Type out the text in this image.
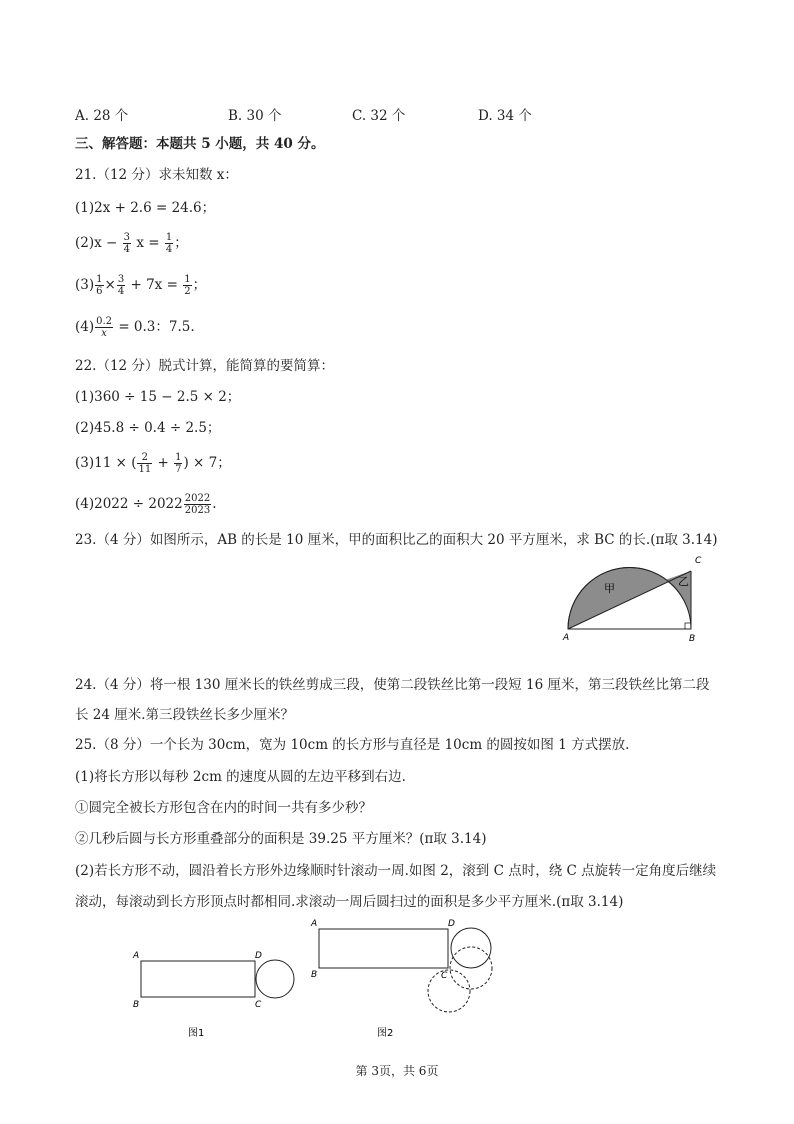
A. 28 个	B. 30 个	C. 32 个	D. 34 个
三、解答题：本题共 5 小题，共 40 分。
21.（12 分）求未知数 x：
(1)2x + 2.6 = 24.6；
$(2)x - \frac{3}{4}$ $x = \frac{1}{4}$ ；
$(3) \frac{1}{6} \times \frac{3}{4} + 7x = \frac{1}{2}$ ；
$(4) \frac{0.2}{x} = 0.3$：7.5.
22.（12 分）脱式计算，能简算的要简算：
(1)360 ÷ 15 − 2.5 × 2；
(2)45.8 ÷ 0.4 ÷ 2.5；
(3)11 × ( $\frac{2}{11} + \frac{1}{7}$ ) × 7；
$(4)2022 \div 2022 \frac{2022}{2023}$ .
23.（4 分）如图所示，AB 的长是 10 厘米，甲的面积比乙的面积大 20 平方厘米，求 BC 的长.(π取 3.14)
甲
乙
A	B
C
24.（4 分）将一根 130 厘米长的铁丝剪成三段，使第二段铁丝比第一段短 16 厘米，第三段铁丝比第二段
长 24 厘米.第三段铁丝长多少厘米？
25.（8 分）一个长为 30cm，宽为 10cm 的长方形与直径是 10cm 的圆按如图 1 方式摆放.
(1)将长方形以每秒 2cm 的速度从圆的左边平移到右边.
①圆完全被长方形包含在内的时间一共有多少秒？
②几秒后圆与长方形重叠部分的面积是 39.25 平方厘米？(π取 3.14)
(2)若长方形不动，圆沿着长方形外边缘顺时针滚动一周.如图 2，滚到 C 点时，绕 C 点旋转一定角度后继续
滚动，每滚动到长方形顶点时都相同.求滚动一周后圆扫过的面积是多少平方厘米.(π取 3.14)
A
B	C
D
图1
A
B	C
D
图2
第 3页，共 6页
